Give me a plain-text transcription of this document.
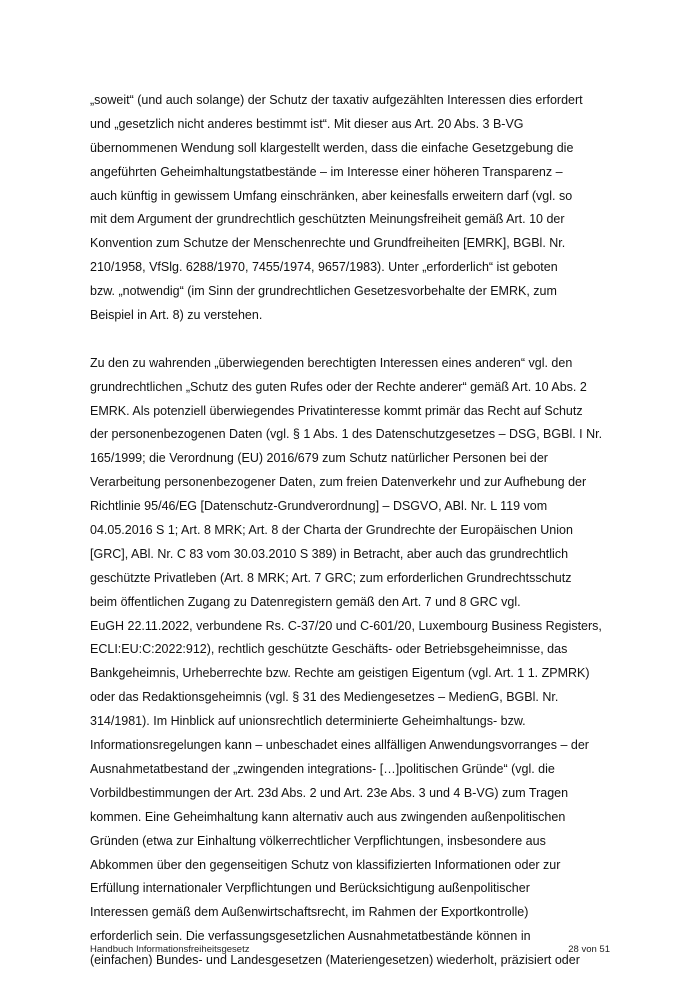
„soweit“ (und auch solange) der Schutz der taxativ aufgezählten Interessen dies erfordert
und „gesetzlich nicht anderes bestimmt ist“. Mit dieser aus Art. 20 Abs. 3 B-VG
übernommenen Wendung soll klargestellt werden, dass die einfache Gesetzgebung die
angeführten Geheimhaltungstatbestände – im Interesse einer höheren Transparenz –
auch künftig in gewissem Umfang einschränken, aber keinesfalls erweitern darf (vgl. so
mit dem Argument der grundrechtlich geschützten Meinungsfreiheit gemäß Art. 10 der
Konvention zum Schutze der Menschenrechte und Grundfreiheiten [EMRK], BGBl. Nr.
210/1958, VfSlg. 6288/1970, 7455/1974, 9657/1983). Unter „erforderlich“ ist geboten
bzw. „notwendig“ (im Sinn der grundrechtlichen Gesetzesvorbehalte der EMRK, zum
Beispiel in Art. 8) zu verstehen.

Zu den zu wahrenden „überwiegenden berechtigten Interessen eines anderen“ vgl. den
grundrechtlichen „Schutz des guten Rufes oder der Rechte anderer“ gemäß Art. 10 Abs. 2
EMRK. Als potenziell überwiegendes Privatinteresse kommt primär das Recht auf Schutz
der personenbezogenen Daten (vgl. § 1 Abs. 1 des Datenschutzgesetzes – DSG, BGBl. I Nr.
165/1999; die Verordnung (EU) 2016/679 zum Schutz natürlicher Personen bei der
Verarbeitung personenbezogener Daten, zum freien Datenverkehr und zur Aufhebung der
Richtlinie 95/46/EG [Datenschutz-Grundverordnung] – DSGVO, ABl. Nr. L 119 vom
04.05.2016 S 1; Art. 8 MRK; Art. 8 der Charta der Grundrechte der Europäischen Union
[GRC], ABl. Nr. C 83 vom 30.03.2010 S 389) in Betracht, aber auch das grundrechtlich
geschützte Privatleben (Art. 8 MRK; Art. 7 GRC; zum erforderlichen Grundrechtsschutz
beim öffentlichen Zugang zu Datenregistern gemäß den Art. 7 und 8 GRC vgl.
EuGH 22.11.2022, verbundene Rs. C-37/20 und C-601/20, Luxembourg Business Registers,
ECLI:EU:C:2022:912), rechtlich geschützte Geschäfts- oder Betriebsgeheimnisse, das
Bankgeheimnis, Urheberrechte bzw. Rechte am geistigen Eigentum (vgl. Art. 1 1. ZPMRK)
oder das Redaktionsgeheimnis (vgl. § 31 des Mediengesetzes – MedienG, BGBl. Nr.
314/1981). Im Hinblick auf unionsrechtlich determinierte Geheimhaltungs- bzw.
Informationsregelungen kann – unbeschadet eines allfälligen Anwendungsvorranges – der
Ausnahmetatbestand der „zwingenden integrations- […]politischen Gründe“ (vgl. die
Vorbildbestimmungen der Art. 23d Abs. 2 und Art. 23e Abs. 3 und 4 B-VG) zum Tragen
kommen. Eine Geheimhaltung kann alternativ auch aus zwingenden außenpolitischen
Gründen (etwa zur Einhaltung völkerrechtlicher Verpflichtungen, insbesondere aus
Abkommen über den gegenseitigen Schutz von klassifizierten Informationen oder zur
Erfüllung internationaler Verpflichtungen und Berücksichtigung außenpolitischer
Interessen gemäß dem Außenwirtschaftsrecht, im Rahmen der Exportkontrolle)
erforderlich sein. Die verfassungsgesetzlichen Ausnahmetatbestände können in
(einfachen) Bundes- und Landesgesetzen (Materiengesetzen) wiederholt, präzisiert oder

Handbuch Informationsfreiheitsgesetz	28 von 51
